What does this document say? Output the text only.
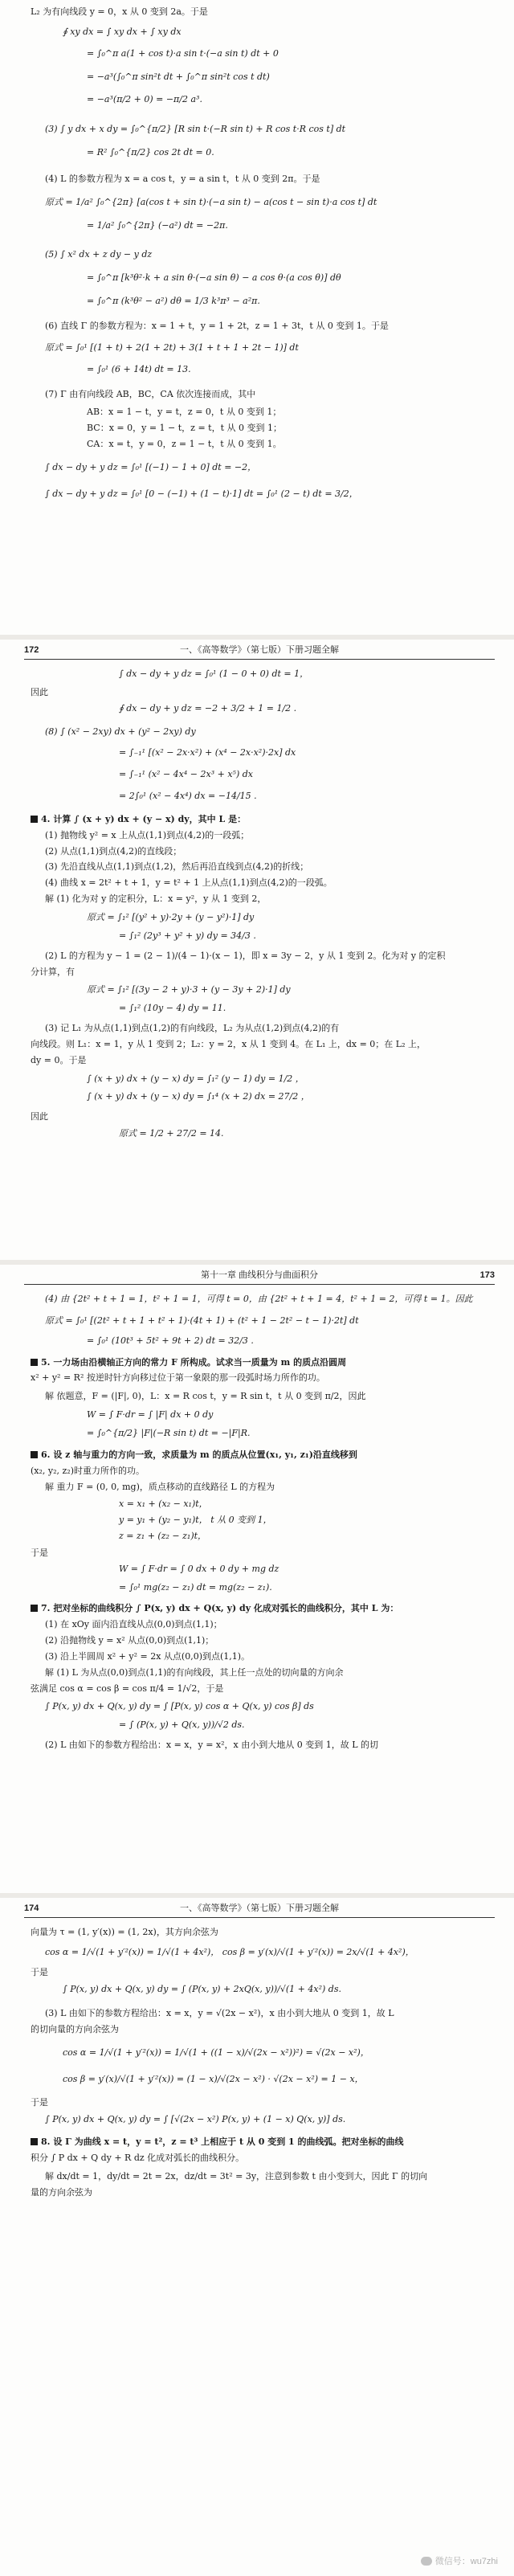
L₂ 为有向线段 y = 0，x 从 0 变到 2a。于是
∮ xy dx = ∫ xy dx + ∫ xy dx
= ∫₀^π a(1 + cos t)·a sin t·(−a sin t) dt + 0
= −a³(∫₀^π sin²t dt + ∫₀^π sin²t cos t dt)
= −a³(π/2 + 0) = −π/2 a³.
(3) ∫ y dx + x dy = ∫₀^{π/2} [R sin t·(−R sin t) + R cos t·R cos t] dt
= R² ∫₀^{π/2} cos 2t dt = 0.
(4) L 的参数方程为 x = a cos t，y = a sin t，t 从 0 变到 2π。于是
原式 = 1/a² ∫₀^{2π} [a(cos t + sin t)·(−a sin t) − a(cos t − sin t)·a cos t] dt
= 1/a² ∫₀^{2π} (−a²) dt = −2π.
(5) ∫ x² dx + z dy − y dz
= ∫₀^π [k³θ²·k + a sin θ·(−a sin θ) − a cos θ·(a cos θ)] dθ
= ∫₀^π (k³θ² − a²) dθ = 1/3 k³π³ − a²π.
(6) 直线 Γ 的参数方程为：x = 1 + t，y = 1 + 2t，z = 1 + 3t，t 从 0 变到 1。于是
原式 = ∫₀¹ [(1 + t) + 2(1 + 2t) + 3(1 + t + 1 + 2t − 1)] dt
= ∫₀¹ (6 + 14t) dt = 13.
(7) Γ 由有向线段 AB，BC，CA 依次连接而成，其中
AB：x = 1 − t，y = t，z = 0，t 从 0 变到 1；
BC：x = 0，y = 1 − t，z = t，t 从 0 变到 1；
CA：x = t，y = 0，z = 1 − t，t 从 0 变到 1。
∫ dx − dy + y dz = ∫₀¹ [(−1) − 1 + 0] dt = −2，
∫ dx − dy + y dz = ∫₀¹ [0 − (−1) + (1 − t)·1] dt = ∫₀¹ (2 − t) dt = 3/2，
172	一、《高等数学》（第七版）下册习题全解
∫ dx − dy + y dz = ∫₀¹ (1 − 0 + 0) dt = 1，
因此
∮ dx − dy + y dz = −2 + 3/2 + 1 = 1/2 .
(8) ∫ (x² − 2xy) dx + (y² − 2xy) dy
= ∫₋₁¹ [(x² − 2x·x²) + (x⁴ − 2x·x²)·2x] dx
= ∫₋₁¹ (x² − 4x⁴ − 2x³ + x⁵) dx
= 2∫₀¹ (x² − 4x⁴) dx = −14/15 .
4. 计算 ∫ (x + y) dx + (y − x) dy，其中 L 是：
(1) 抛物线 y² = x 上从点(1,1)到点(4,2)的一段弧；
(2) 从点(1,1)到点(4,2)的直线段；
(3) 先沿直线从点(1,1)到点(1,2)，然后再沿直线到点(4,2)的折线；
(4) 曲线 x = 2t² + t + 1，y = t² + 1 上从点(1,1)到点(4,2)的一段弧。
解 (1) 化为对 y 的定积分，L：x = y²，y 从 1 变到 2，
原式 = ∫₁² [(y² + y)·2y + (y − y²)·1] dy
= ∫₁² (2y³ + y² + y) dy = 34/3 .
(2) L 的方程为 y − 1 = (2 − 1)/(4 − 1)·(x − 1)，即 x = 3y − 2，y 从 1 变到 2。化为对 y 的定积
分计算，有
原式 = ∫₁² [(3y − 2 + y)·3 + (y − 3y + 2)·1] dy
= ∫₁² (10y − 4) dy = 11.
(3) 记 L₁ 为从点(1,1)到点(1,2)的有向线段，L₂ 为从点(1,2)到点(4,2)的有
向线段。则 L₁：x = 1，y 从 1 变到 2；L₂：y = 2，x 从 1 变到 4。在 L₁ 上，dx = 0；在 L₂ 上，
dy = 0。于是
∫ (x + y) dx + (y − x) dy = ∫₁² (y − 1) dy = 1/2 ，
∫ (x + y) dx + (y − x) dy = ∫₁⁴ (x + 2) dx = 27/2 ，
因此
原式 = 1/2 + 27/2 = 14.
第十一章 曲线积分与曲面积分	173
(4) 由 {2t² + t + 1 = 1，t² + 1 = 1，可得 t = 0，由 {2t² + t + 1 = 4，t² + 1 = 2，可得 t = 1。因此
原式 = ∫₀¹ [(2t² + t + 1 + t² + 1)·(4t + 1) + (t² + 1 − 2t² − t − 1)·2t] dt
= ∫₀¹ (10t³ + 5t² + 9t + 2) dt = 32/3 .
5. 一力场由沿横轴正方向的常力 F 所构成。试求当一质量为 m 的质点沿圆周
x² + y² = R² 按逆时针方向移过位于第一象限的那一段弧时场力所作的功。
解 依题意，F = (|F|, 0)，L：x = R cos t，y = R sin t，t 从 0 变到 π/2，因此
W = ∫ F·dr = ∫ |F| dx + 0 dy
= ∫₀^{π/2} |F|(−R sin t) dt = −|F|R.
6. 设 z 轴与重力的方向一致，求质量为 m 的质点从位置(x₁, y₁, z₁)沿直线移到
(x₂, y₂, z₂)时重力所作的功。
解 重力 F = (0, 0, mg)，质点移动的直线路径 L 的方程为
x = x₁ + (x₂ − x₁)t，
y = y₁ + (y₂ − y₁)t， t 从 0 变到 1，
z = z₁ + (z₂ − z₁)t，
于是
W = ∫ F·dr = ∫ 0 dx + 0 dy + mg dz
= ∫₀¹ mg(z₂ − z₁) dt = mg(z₂ − z₁).
7. 把对坐标的曲线积分 ∫ P(x, y) dx + Q(x, y) dy 化成对弧长的曲线积分，其中 L 为：
(1) 在 xOy 面内沿直线从点(0,0)到点(1,1)；
(2) 沿抛物线 y = x² 从点(0,0)到点(1,1)；
(3) 沿上半圆周 x² + y² = 2x 从点(0,0)到点(1,1)。
解 (1) L 为从点(0,0)到点(1,1)的有向线段，其上任一点处的切向量的方向余
弦满足 cos α = cos β = cos π/4 = 1/√2，于是
∫ P(x, y) dx + Q(x, y) dy = ∫ [P(x, y) cos α + Q(x, y) cos β] ds
= ∫ (P(x, y) + Q(x, y))/√2 ds.
(2) L 由如下的参数方程给出：x = x，y = x²，x 由小到大地从 0 变到 1，故 L 的切
174	一、《高等数学》（第七版）下册习题全解
向量为 τ = (1, y′(x)) = (1, 2x)，其方向余弦为
cos α = 1/√(1 + y′²(x)) = 1/√(1 + 4x²)， cos β = y′(x)/√(1 + y′²(x)) = 2x/√(1 + 4x²)，
于是
∫ P(x, y) dx + Q(x, y) dy = ∫ (P(x, y) + 2xQ(x, y))/√(1 + 4x²) ds.
(3) L 由如下的参数方程给出：x = x，y = √(2x − x²)，x 由小到大地从 0 变到 1，故 L
的切向量的方向余弦为
cos α = 1/√(1 + y′²(x)) = 1/√(1 + ((1 − x)/√(2x − x²))²) = √(2x − x²)，
cos β = y′(x)/√(1 + y′²(x)) = (1 − x)/√(2x − x²) · √(2x − x²) = 1 − x，
于是
∫ P(x, y) dx + Q(x, y) dy = ∫ [√(2x − x²) P(x, y) + (1 − x) Q(x, y)] ds.
8. 设 Γ 为曲线 x = t，y = t²，z = t³ 上相应于 t 从 0 变到 1 的曲线弧。把对坐标的曲线
积分 ∫ P dx + Q dy + R dz 化成对弧长的曲线积分。
解 dx/dt = 1，dy/dt = 2t = 2x，dz/dt = 3t² = 3y，注意到参数 t 由小变到大，因此 Γ 的切向
量的方向余弦为
微信号：wu7zhi
